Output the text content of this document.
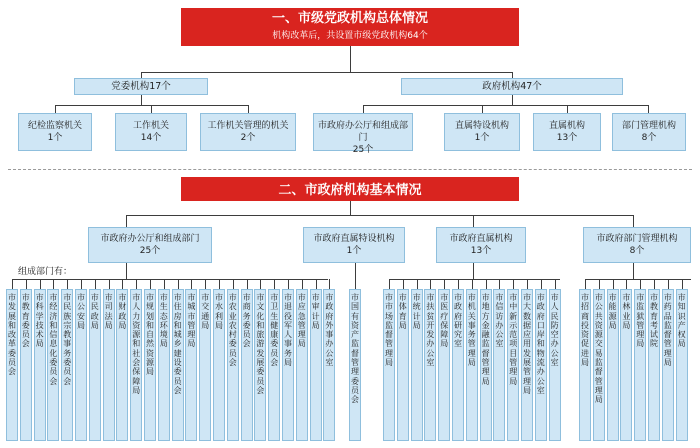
一、市级党政机构总体情况
机构改革后，共设置市级党政机构64个
党委机构17个	政府机构47个
纪检监察机关
1个
工作机关
14个
工作机关管理的机关
2个
市政府办公厅和组成部门
25个
直属特设机构
1个
直属机构
13个
部门管理机构
8个
二、市政府机构基本情况
市政府办公厅和组成部门
25个
市政府直属特设机构
1个
市政府直属机构
13个
市政府部门管理机构
8个
组成部门有：
市
发
展
和
改
革
委
员
会
市
教
育
委
员
会
市
科
学
技
术
局
市
经
济
和
信
息
化
委
员
会
市
民
族
宗
教
事
务
委
员
会
市
公
安
局
市
民
政
局
市
司
法
局
市
财
政
局
市
人
力
资
源
和
社
会
保
障
局
市
规
划
和
自
然
资
源
局
市
生
态
环
境
局
市
住
房
和
城
乡
建
设
委
员
会
市
城
市
管
理
局
市
交
通
局
市
水
利
局
市
农
业
农
村
委
员
会
市
商
务
委
员
会
市
文
化
和
旅
游
发
展
委
员
会
市
卫
生
健
康
委
员
会
市
退
役
军
人
事
务
局
市
应
急
管
理
局
市
审
计
局
市
政
府
外
事
办
公
室
市
国
有
资
产
监
督
管
理
委
员
会
市
市
场
监
督
管
理
局
市
体
育
局
市
统
计
局
市
扶
贫
开
发
办
公
室
市
医
疗
保
障
局
市
政
府
研
究
室
市
机
关
事
务
管
理
局
市
地
方
金
融
监
督
管
理
局
市
信
访
办
公
室
市
中
新
示
范
项
目
管
理
局
市
大
数
据
应
用
发
展
管
理
局
市
政
府
口
岸
和
物
流
办
公
室
市
人
民
防
空
办
公
室
市
招
商
投
资
促
进
局
市
公
共
资
源
交
易
监
督
管
理
局
市
能
源
局
市
林
业
局
市
监
狱
管
理
局
市
教
育
考
试
院
市
药
品
监
督
管
理
局
市
知
识
产
权
局
